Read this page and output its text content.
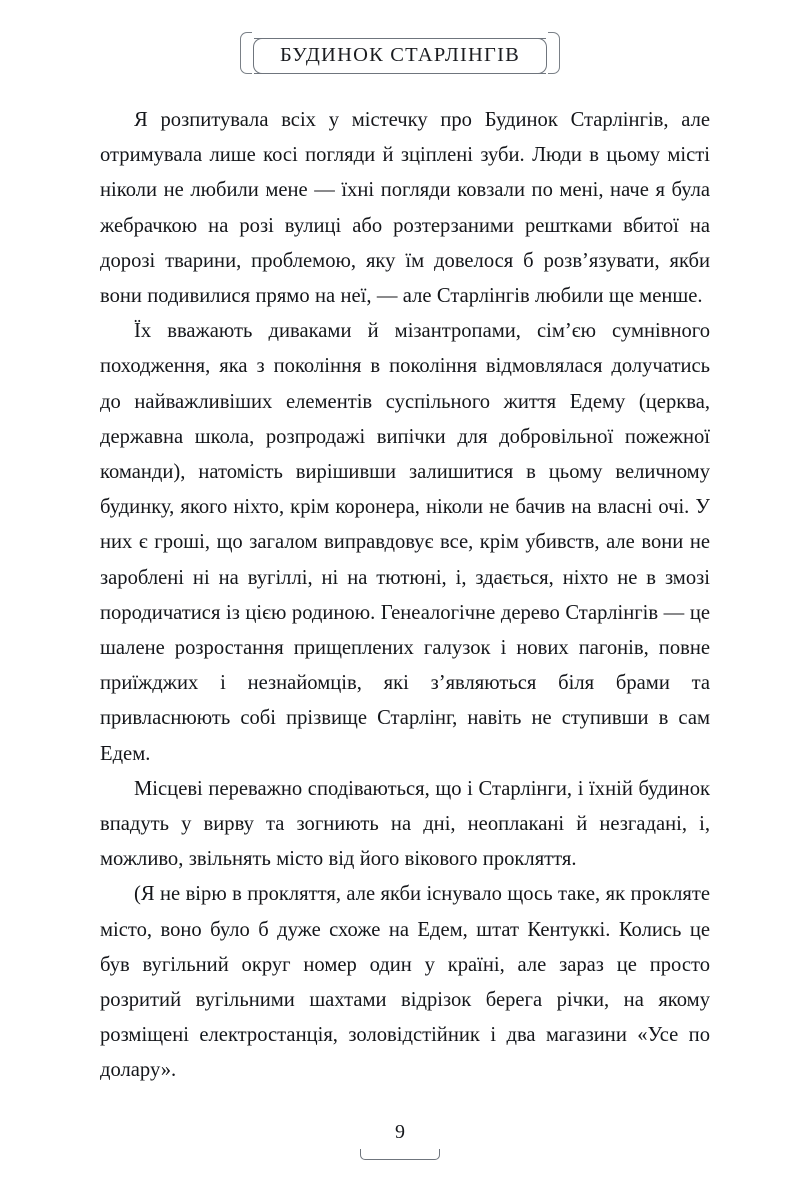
БУДИНОК СТАРЛІНГІВ

Я розпитувала всіх у містечку про Будинок Старлінгів, але отримувала лише косі погляди й зціплені зуби. Люди в цьому місті ніколи не любили мене — їхні погляди ковзали по мені, наче я була жебрачкою на розі вулиці або розтерзаними рештками вбитої на дорозі тварини, проблемою, яку їм довелося б розв’язувати, якби вони подивилися прямо на неї, — але Старлінгів любили ще менше.

Їх вважають диваками й мізантропами, сім’єю сумнівного походження, яка з покоління в покоління відмовлялася долучатись до найважливіших елементів суспільного життя Едему (церква, державна школа, розпродажі випічки для добровільної пожежної команди), натомість вирішивши залишитися в цьому величному будинку, якого ніхто, крім коронера, ніколи не бачив на власні очі. У них є гроші, що загалом виправдовує все, крім убивств, але вони не зароблені ні на вугіллі, ні на тютюні, і, здається, ніхто не в змозі породичатися із цією родиною. Генеалогічне дерево Старлінгів — це шалене розростання прищеплених галузок і нових пагонів, повне приїжджих і незнайомців, які з’являються біля брами та привласнюють собі прізвище Старлінг, навіть не ступивши в сам Едем.

Місцеві переважно сподіваються, що і Старлінги, і їхній будинок впадуть у вирву та зогниють на дні, неоплакані й незгадані, і, можливо, звільнять місто від його вікового прокляття.

(Я не вірю в прокляття, але якби існувало щось таке, як прокляте місто, воно було б дуже схоже на Едем, штат Кентуккі. Колись це був вугільний округ номер один у країні, але зараз це просто розритий вугільними шахтами відрізок берега річки, на якому розміщені електростанція, золовідстійник і два магазини «Усе по долару».

9
